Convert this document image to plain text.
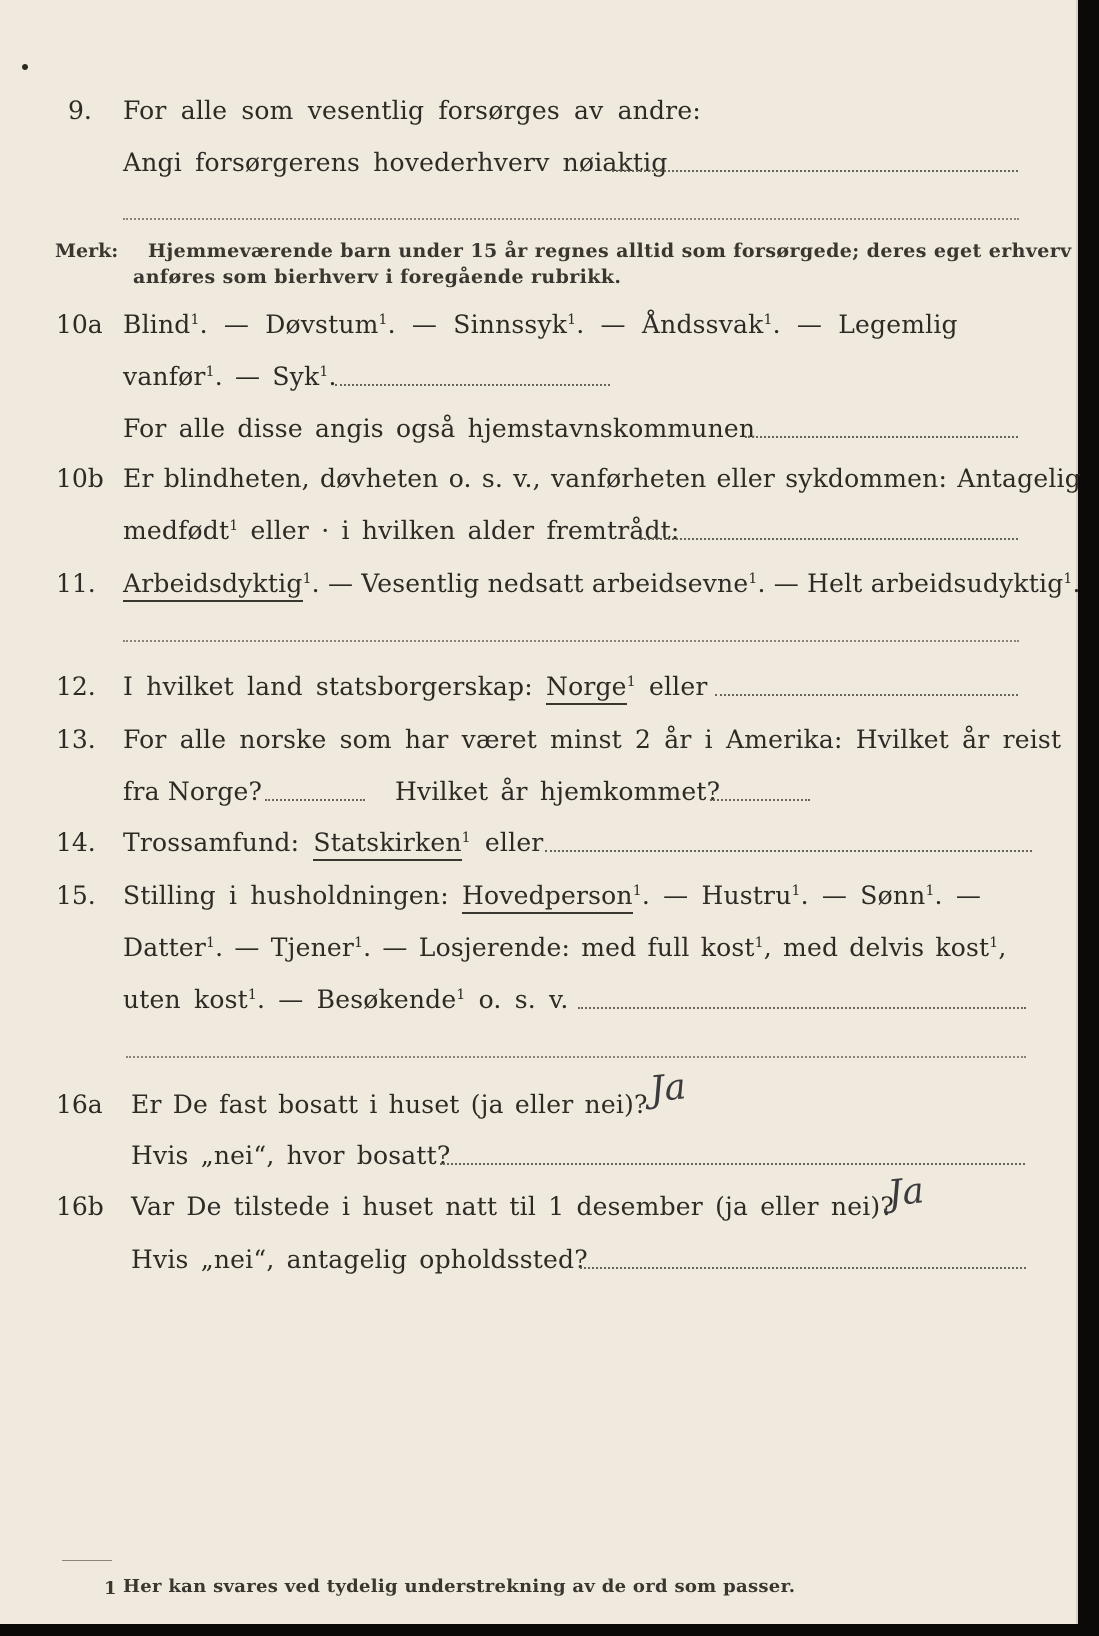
9. For alle som vesentlig forsørges av andre:
Angi forsørgerens hovederhverv nøiaktig
Merk: Hjemmeværende barn under 15 år regnes alltid som forsørgede; deres eget erhverv
anføres som bierhverv i foregående rubrikk.
10a Blind$^1$. — Døvstum$^1$. — Sinnssyk$^1$. — Åndssvak$^1$. — Legemlig
vanfør$^1$. — Syk$^1$.
For alle disse angis også hjemstavnskommunen
10b Er blindheten, døvheten o. s. v., vanførheten eller sykdommen: Antagelig
medfødt$^1$ eller · i hvilken alder fremtrådt:
11. Arbeidsdyktig$^1$. — Vesentlig nedsatt arbeidsevne$^1$. — Helt arbeidsudyktig$^1$.
12. I hvilket land statsborgerskap: Norge$^1$ eller
13. For alle norske som har været minst 2 år i Amerika: Hvilket år reist
fra Norge?	Hvilket år hjemkommet?
14. Trossamfund: Statskirken$^1$ eller
15. Stilling i husholdningen: Hovedperson$^1$. — Hustru$^1$. — Sønn$^1$. —
Datter$^1$. — Tjener$^1$. — Losjerende: med full kost$^1$, med delvis kost$^1$,
uten kost$^1$. — Besøkende$^1$ o. s. v.
16a Er De fast bosatt i huset (ja eller nei)? Ja
Hvis „nei“, hvor bosatt?
16b Var De tilstede i huset natt til 1 desember (ja eller nei)?
Ja
Hvis „nei“, antagelig opholdssted?
1 Her kan svares ved tydelig understrekning av de ord som passer.
